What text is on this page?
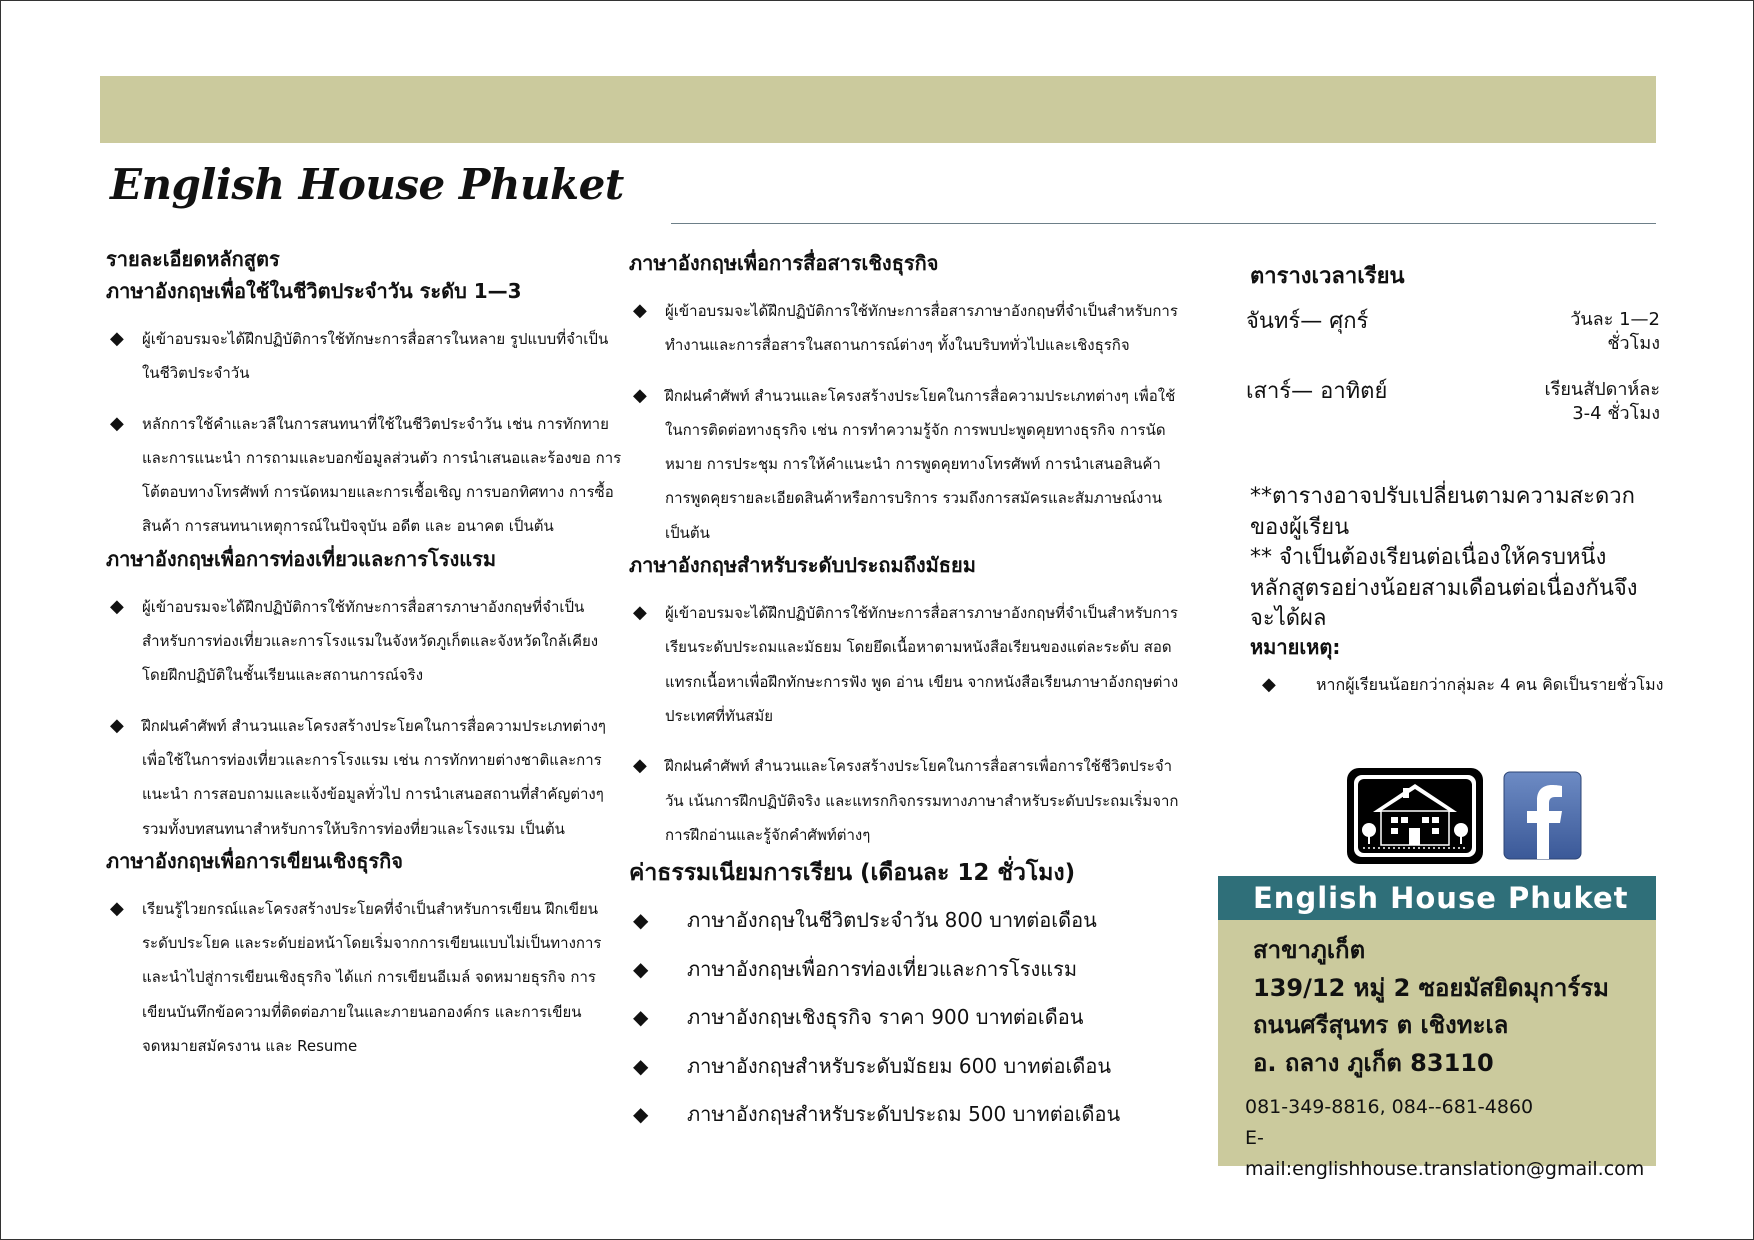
English House Phuket
รายละเอียดหลักสูตร
ภาษาอังกฤษเพื่อใช้ในชีวิตประจำวัน ระดับ 1—3
◆ ผู้เข้าอบรมจะได้ฝึกปฏิบัติการใช้ทักษะการสื่อสารในหลาย รูปแบบที่จำเป็นในชีวิตประจำวัน
◆ หลักการใช้คำและวลีในการสนทนาที่ใช้ในชีวิตประจำวัน เช่น การทักทายและการแนะนำ การถามและบอกข้อมูลส่วนตัว การนำเสนอและร้องขอ การโต้ตอบทางโทรศัพท์ การนัดหมายและการเชื้อเชิญ การบอกทิศทาง การซื้อสินค้า การสนทนาเหตุการณ์ในปัจจุบัน อดีต และ อนาคต เป็นต้น
ภาษาอังกฤษเพื่อการท่องเที่ยวและการโรงแรม
◆ ผู้เข้าอบรมจะได้ฝึกปฏิบัติการใช้ทักษะการสื่อสารภาษาอังกฤษที่จำเป็นสำหรับการท่องเที่ยวและการโรงแรมในจังหวัดภูเก็ตและจังหวัดใกล้เคียง โดยฝึกปฏิบัติในชั้นเรียนและสถานการณ์จริง
◆ ฝึกฝนคำศัพท์ สำนวนและโครงสร้างประโยคในการสื่อความประเภทต่างๆ เพื่อใช้ในการท่องเที่ยวและการโรงแรม เช่น การทักทายต่างชาติและการแนะนำ การสอบถามและแจ้งข้อมูลทั่วไป การนำเสนอสถานที่สำคัญต่างๆ รวมทั้งบทสนทนาสำหรับการให้บริการท่องที่ยวและโรงแรม เป็นต้น
ภาษาอังกฤษเพื่อการเขียนเชิงธุรกิจ
◆ เรียนรู้ไวยกรณ์และโครงสร้างประโยคที่จำเป็นสำหรับการเขียน ฝึกเขียนระดับประโยค และระดับย่อหน้าโดยเริ่มจากการเขียนแบบไม่เป็นทางการและนำไปสู่การเขียนเชิงธุรกิจ ได้แก่ การเขียนอีเมล์ จดหมายธุรกิจ การเขียนบันทึกข้อความที่ติดต่อภายในและภายนอกองค์กร และการเขียนจดหมายสมัครงาน และ Resume
ภาษาอังกฤษเพื่อการสื่อสารเชิงธุรกิจ
◆ ผู้เข้าอบรมจะได้ฝึกปฏิบัติการใช้ทักษะการสื่อสารภาษาอังกฤษที่จำเป็นสำหรับการทำงานและการสื่อสารในสถานการณ์ต่างๆ ทั้งในบริบททั่วไปและเชิงธุรกิจ
◆ ฝึกฝนคำศัพท์ สำนวนและโครงสร้างประโยคในการสื่อความประเภทต่างๆ เพื่อใช้ในการติดต่อทางธุรกิจ เช่น การทำความรู้จัก การพบปะพูดคุยทางธุรกิจ การนัดหมาย การประชุม การให้คำแนะนำ การพูดคุยทางโทรศัพท์ การนำเสนอสินค้า การพูดคุยรายละเอียดสินค้าหรือการบริการ รวมถึงการสมัครและสัมภาษณ์งาน เป็นต้น
ภาษาอังกฤษสำหรับระดับประถมถึงมัธยม
◆ ผู้เข้าอบรมจะได้ฝึกปฏิบัติการใช้ทักษะการสื่อสารภาษาอังกฤษที่จำเป็นสำหรับการเรียนระดับประถมและมัธยม โดยยึดเนื้อหาตามหนังสือเรียนของแต่ละระดับ สอดแทรกเนื้อหาเพื่อฝึกทักษะการฟัง พูด อ่าน เขียน จากหนังสือเรียนภาษาอังกฤษต่างประเทศที่ทันสมัย
◆ ฝึกฝนคำศัพท์ สำนวนและโครงสร้างประโยคในการสื่อสารเพื่อการใช้ชีวิตประจำวัน เน้นการฝึกปฏิบัติจริง และแทรกกิจกรรมทางภาษาสำหรับระดับประถมเริ่มจากการฝึกอ่านและรู้จักคำศัพท์ต่างๆ
ค่าธรรมเนียมการเรียน (เดือนละ 12 ชั่วโมง)
◆ ภาษาอังกฤษในชีวิตประจำวัน 800 บาทต่อเดือน
◆ ภาษาอังกฤษเพื่อการท่องเที่ยวและการโรงแรม
◆ ภาษาอังกฤษเชิงธุรกิจ ราคา 900 บาทต่อเดือน
◆ ภาษาอังกฤษสำหรับระดับมัธยม 600 บาทต่อเดือน
◆ ภาษาอังกฤษสำหรับระดับประถม 500 บาทต่อเดือน
ตารางเวลาเรียน
จันทร์— ศุกร์	วันละ 1—2
ชั่วโมง
เสาร์— อาทิตย์	เรียนสัปดาห์ละ
3-4 ชั่วโมง
**ตารางอาจปรับเปลี่ยนตามความสะดวกของผู้เรียน
** จำเป็นต้องเรียนต่อเนื่องให้ครบหนึ่งหลักสูตรอย่างน้อยสามเดือนต่อเนื่องกันจึงจะได้ผล
หมายเหตุ:
◆	หากผู้เรียนน้อยกว่ากลุ่มละ 4 คน คิดเป็นรายชั่วโมง
English House Phuket
สาขาภูเก็ต
139/12 หมู่ 2 ซอยมัสยิดมุการ์รม
ถนนศรีสุนทร ต เชิงทะเล
อ. ถลาง ภูเก็ต 83110
081-349-8816, 084--681-4860
E-mail:englishhouse.translation@gmail.com
